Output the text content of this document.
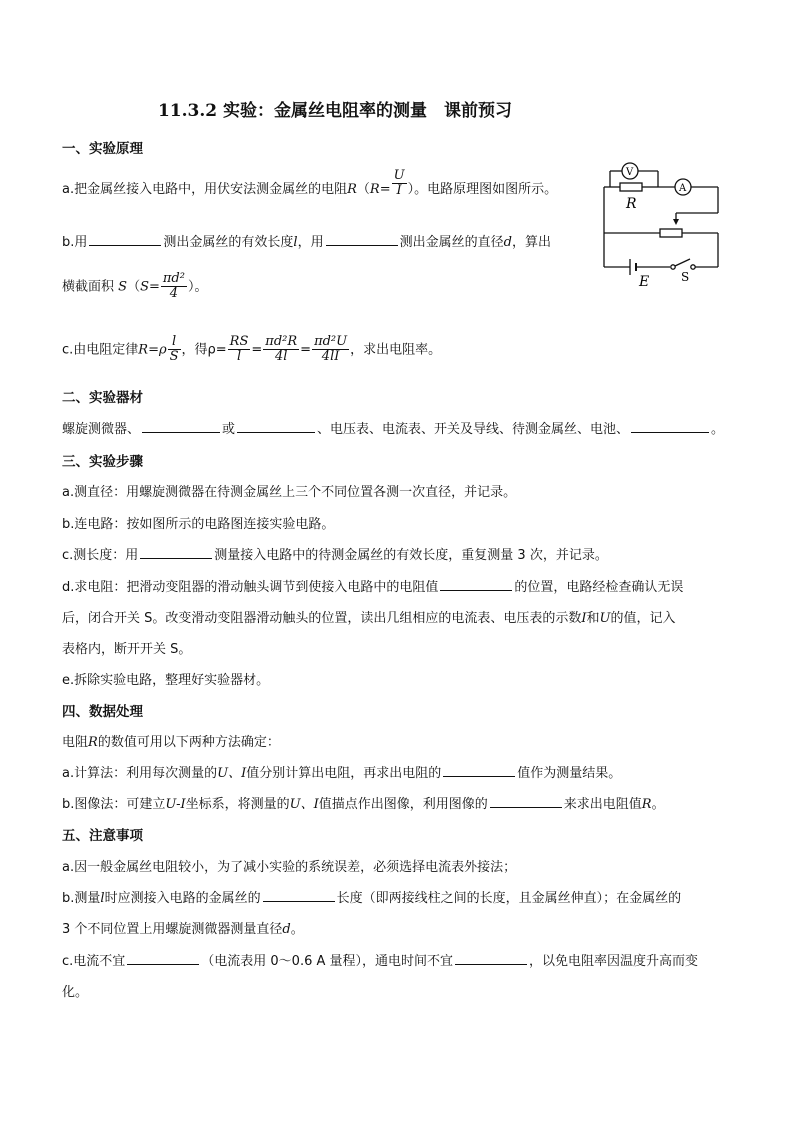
11.3.2 实验：金属丝电阻率的测量　课前预习
一、实验原理
a.把金属丝接入电路中，用伏安法测金属丝的电阻$R(R= \frac{U}{I}$ ）。电路原理图如图所示。
b.用	测出金属丝的有效长度l，用	测出金属丝的直径d，算出
横截面积 $S(S= \frac{\text{πd²}}{4}$ ）。
c.由电阻定律$R=\rho \frac{l}{S}$ ，得$\rho= \frac{RS}{l} = \frac{\text{πd²R}}{4l} = \frac{\text{πd²U}}{4lI}$ ，求出电阻率。
V
A
R
E	S
二、实验器材
螺旋测微器、	或	、电压表、电流表、开关及导线、待测金属丝、电池、	。
三、实验步骤
a.测直径：用螺旋测微器在待测金属丝上三个不同位置各测一次直径，并记录。
b.连电路：按如图所示的电路图连接实验电路。
c.测长度：用	测量接入电路中的待测金属丝的有效长度，重复测量 3 次，并记录。
d.求电阻：把滑动变阻器的滑动触头调节到使接入电路中的电阻值	的位置，电路经检查确认无误
后，闭合开关 S。改变滑动变阻器滑动触头的位置，读出几组相应的电流表、电压表的示数I和U的值，记入
表格内，断开开关 S。
e.拆除实验电路，整理好实验器材。
四、数据处理
电阻R的数值可用以下两种方法确定：
a.计算法：利用每次测量的U、I值分别计算出电阻，再求出电阻的	值作为测量结果。
b.图像法：可建立U-I坐标系，将测量的U、I值描点作出图像，利用图像的	来求出电阻值R。
五、注意事项
a.因一般金属丝电阻较小，为了减小实验的系统误差，必须选择电流表外接法；
b.测量l时应测接入电路的金属丝的	长度（即两接线柱之间的长度，且金属丝伸直）；在金属丝的
3 个不同位置上用螺旋测微器测量直径d。
c.电流不宜	（电流表用 0～0.6 A 量程），通电时间不宜	，以免电阻率因温度升高而变
化。
